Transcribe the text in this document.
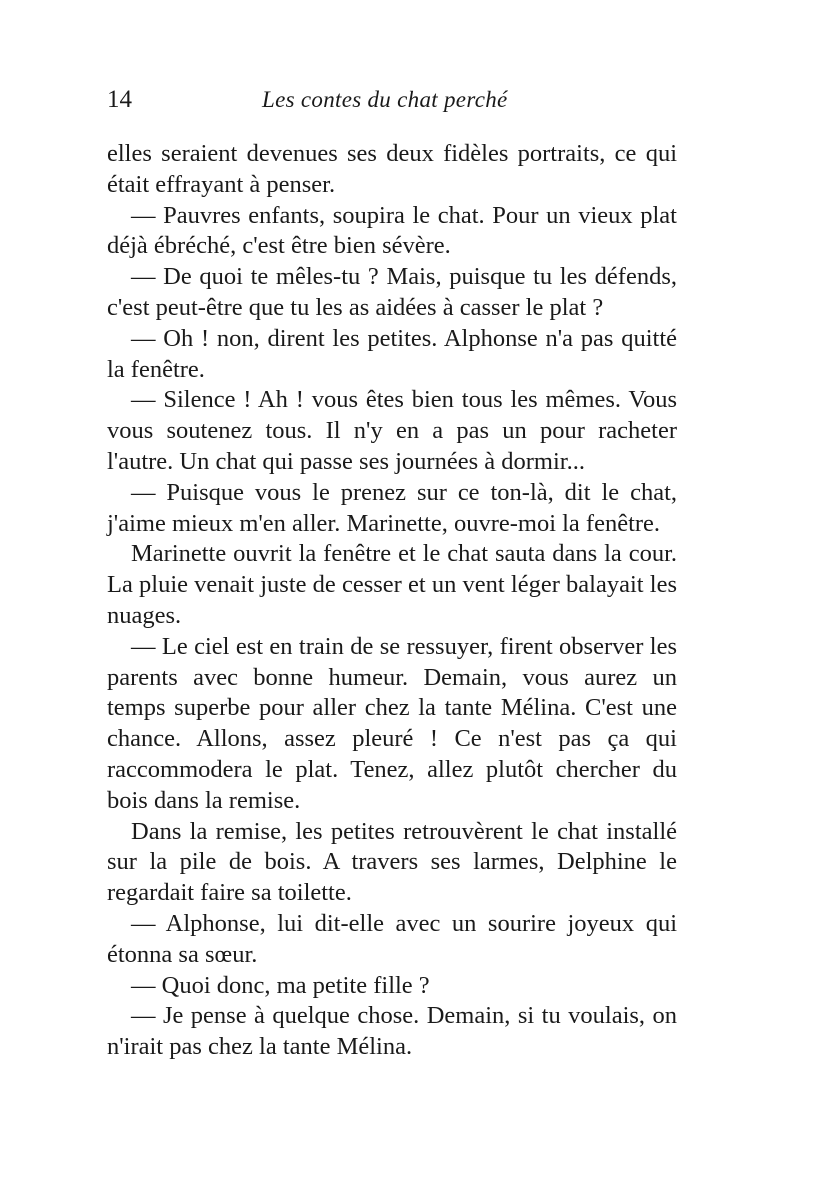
14	Les contes du chat perché

elles seraient devenues ses deux fidèles portraits, ce qui était effrayant à penser.

— Pauvres enfants, soupira le chat. Pour un vieux plat déjà ébréché, c'est être bien sévère.

— De quoi te mêles-tu ? Mais, puisque tu les défends, c'est peut-être que tu les as aidées à casser le plat ?

— Oh ! non, dirent les petites. Alphonse n'a pas quitté la fenêtre.

— Silence ! Ah ! vous êtes bien tous les mêmes. Vous vous soutenez tous. Il n'y en a pas un pour racheter l'autre. Un chat qui passe ses journées à dormir...

— Puisque vous le prenez sur ce ton-là, dit le chat, j'aime mieux m'en aller. Marinette, ouvre-moi la fenêtre.

Marinette ouvrit la fenêtre et le chat sauta dans la cour. La pluie venait juste de cesser et un vent léger balayait les nuages.

— Le ciel est en train de se ressuyer, firent observer les parents avec bonne humeur. Demain, vous aurez un temps superbe pour aller chez la tante Mélina. C'est une chance. Allons, assez pleuré ! Ce n'est pas ça qui raccommodera le plat. Tenez, allez plutôt chercher du bois dans la remise.

Dans la remise, les petites retrouvèrent le chat installé sur la pile de bois. A travers ses larmes, Delphine le regardait faire sa toilette.

— Alphonse, lui dit-elle avec un sourire joyeux qui étonna sa sœur.

— Quoi donc, ma petite fille ?

— Je pense à quelque chose. Demain, si tu voulais, on n'irait pas chez la tante Mélina.
